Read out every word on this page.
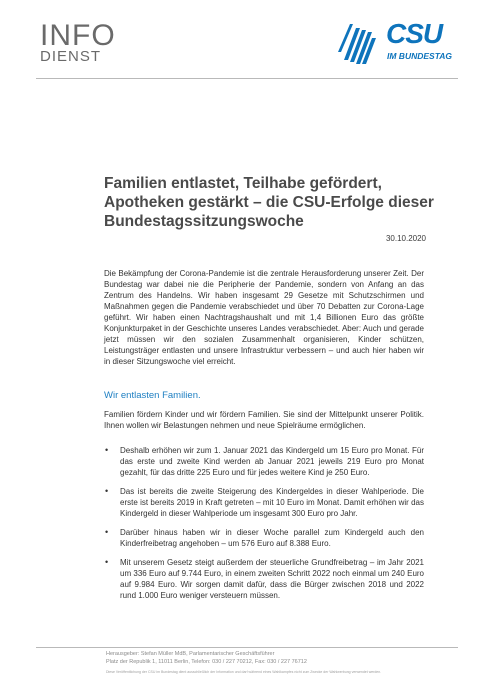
INFO
DIENST
CSU
IM BUNDESTAG
Familien entlastet, Teilhabe gefördert, Apotheken gestärkt – die CSU-Erfolge dieser Bundestagssitzungswoche
30.10.2020
Die Bekämpfung der Corona-Pandemie ist die zentrale Herausforderung unserer Zeit. Der Bundestag war dabei nie die Peripherie der Pandemie, sondern von Anfang an das Zentrum des Handelns. Wir haben insgesamt 29 Gesetze mit Schutzschirmen und Maßnahmen gegen die Pandemie verabschiedet und über 70 Debatten zur Corona-Lage geführt. Wir haben einen Nachtragshaushalt und mit 1,4 Billionen Euro das größte Konjunkturpaket in der Geschichte unseres Landes verabschiedet. Aber: Auch und gerade jetzt müssen wir den sozialen Zusammenhalt organisieren, Kinder schützen, Leistungsträger entlasten und unsere Infrastruktur verbessern – und auch hier haben wir in dieser Sitzungswoche viel erreicht.
Wir entlasten Familien.
Familien fördern Kinder und wir fördern Familien. Sie sind der Mittelpunkt unserer Politik. Ihnen wollen wir Belastungen nehmen und neue Spielräume ermöglichen.
• Deshalb erhöhen wir zum 1. Januar 2021 das Kindergeld um 15 Euro pro Monat. Für das erste und zweite Kind werden ab Januar 2021 jeweils 219 Euro pro Monat gezahlt, für das dritte 225 Euro und für jedes weitere Kind je 250 Euro.
• Das ist bereits die zweite Steigerung des Kindergeldes in dieser Wahlperiode. Die erste ist bereits 2019 in Kraft getreten – mit 10 Euro im Monat. Damit erhöhen wir das Kindergeld in dieser Wahlperiode um insgesamt 300 Euro pro Jahr.
• Darüber hinaus haben wir in dieser Woche parallel zum Kindergeld auch den Kinderfreibetrag angehoben – um 576 Euro auf 8.388 Euro.
• Mit unserem Gesetz steigt außerdem der steuerliche Grundfreibetrag – im Jahr 2021 um 336 Euro auf 9.744 Euro, in einem zweiten Schritt 2022 noch einmal um 240 Euro auf 9.984 Euro. Wir sorgen damit dafür, dass die Bürger zwischen 2018 und 2022 rund 1.000 Euro weniger versteuern müssen.
Herausgeber: Stefan Müller MdB, Parlamentarischer Geschäftsführer
Platz der Republik 1, 11011 Berlin, Telefon: 030 / 227 70212, Fax: 030 / 227 76712
Diese Veröffentlichung der CSU im Bundestag dient ausschließlich der Information und darf während eines Wahlkampfes nicht zum Zwecke der Wahlwerbung verwendet werden.
